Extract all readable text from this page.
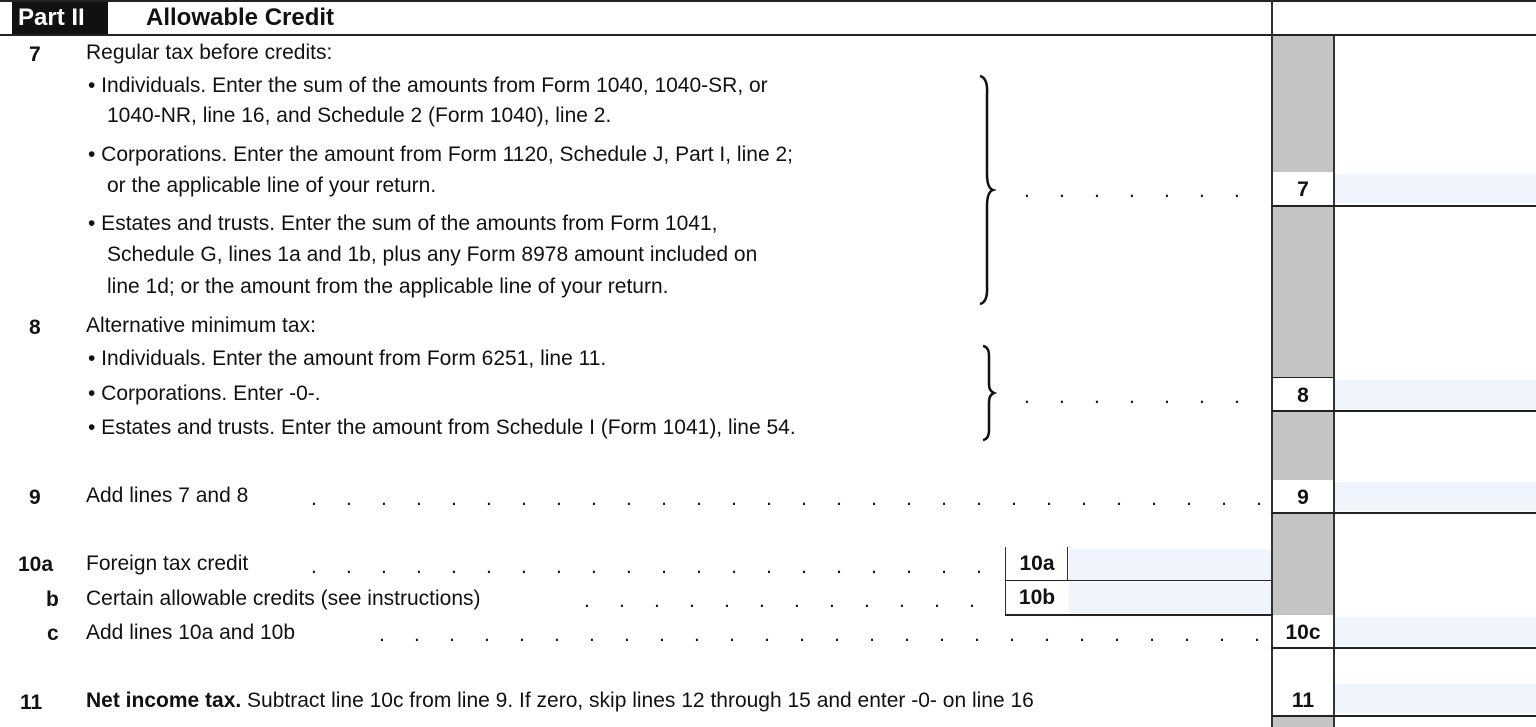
Part II	Allowable Credit
7 Regular tax before credits:
• Individuals. Enter the sum of the amounts from Form 1040, 1040-SR, or
1040-NR, line 16, and Schedule 2 (Form 1040), line 2.
• Corporations. Enter the amount from Form 1120, Schedule J, Part I, line 2;
or the applicable line of your return.
• Estates and trusts. Enter the sum of the amounts from Form 1041,
Schedule G, lines 1a and 1b, plus any Form 8978 amount included on
line 1d; or the amount from the applicable line of your return.
.     .     .     .     .     .     .	7
8 Alternative minimum tax:
• Individuals. Enter the amount from Form 6251, line 11.
• Corporations. Enter -0-.
• Estates and trusts. Enter the amount from Schedule I (Form 1041), line 54.
.     .     .     .     .     .     .	8
9 Add lines 7 and 8	.     .     .     .     .     .     .     .     .     .     .     .     .     .     .     .     .     .     .     .     .     .     .     .     .     .     .     .	9
10a Foreign tax credit	.     .     .     .     .     .     .     .     .     .     .     .     .     .     .     .     .     .     .     .	10a
b Certain allowable credits (see instructions)	.     .     .     .     .     .     .     .     .     .     .     .	10b
c Add lines 10a and 10b	.     .     .     .     .     .     .     .     .     .     .     .     .     .     .     .     .     .     .     .     .     .     .     .     .     .	10c
11 Net income tax. Subtract line 10c from line 9. If zero, skip lines 12 through 15 and enter -0- on line 16	11
